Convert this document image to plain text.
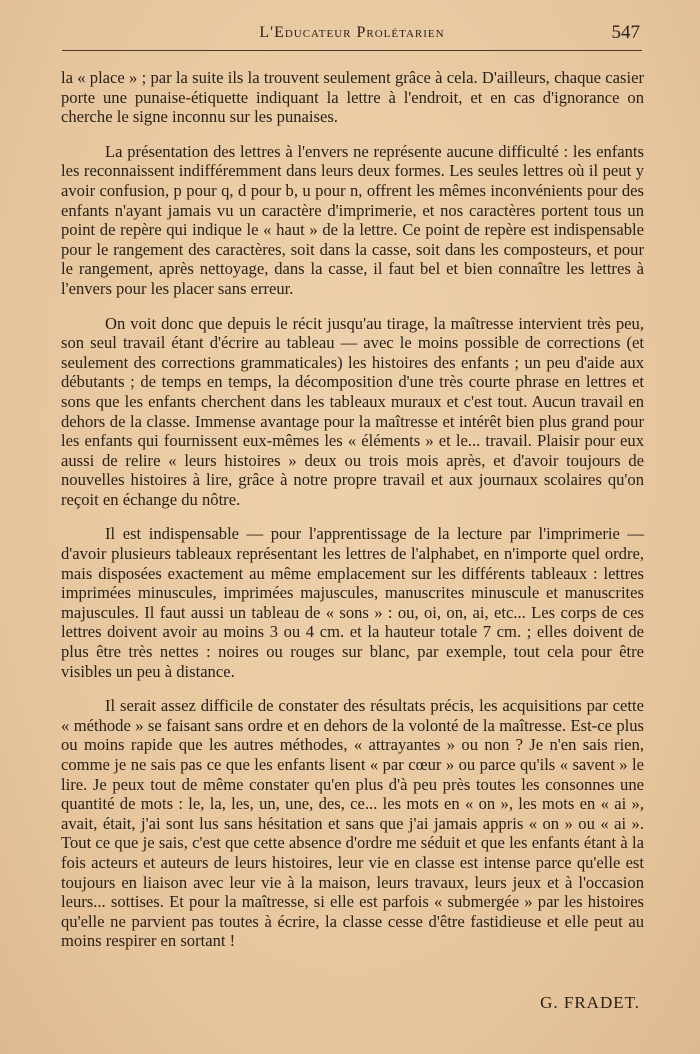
L'Educateur Prolétarien	547

la « place » ; par la suite ils la trouvent seulement grâce à cela. D'ailleurs, chaque casier porte une punaise-étiquette indiquant la lettre à l'endroit, et en cas d'ignorance on cherche le signe inconnu sur les punaises.

La présentation des lettres à l'envers ne représente aucune difficulté : les enfants les reconnaissent indifféremment dans leurs deux formes. Les seules lettres où il peut y avoir confusion, p pour q, d pour b, u pour n, offrent les mêmes inconvénients pour des enfants n'ayant jamais vu un caractère d'imprimerie, et nos caractères portent tous un point de repère qui indique le « haut » de la lettre. Ce point de repère est indispensable pour le rangement des caractères, soit dans la casse, soit dans les composteurs, et pour le rangement, après nettoyage, dans la casse, il faut bel et bien connaître les lettres à l'envers pour les placer sans erreur.

On voit donc que depuis le récit jusqu'au tirage, la maîtresse intervient très peu, son seul travail étant d'écrire au tableau — avec le moins possible de corrections (et seulement des corrections grammaticales) les histoires des enfants ; un peu d'aide aux débutants ; de temps en temps, la décomposition d'une très courte phrase en lettres et sons que les enfants cherchent dans les tableaux muraux et c'est tout. Aucun travail en dehors de la classe. Immense avantage pour la maîtresse et intérêt bien plus grand pour les enfants qui fournissent eux-mêmes les « éléments » et le... travail. Plaisir pour eux aussi de relire « leurs histoires » deux ou trois mois après, et d'avoir toujours de nouvelles histoires à lire, grâce à notre propre travail et aux journaux scolaires qu'on reçoit en échange du nôtre.

Il est indispensable — pour l'apprentissage de la lecture par l'imprimerie — d'avoir plusieurs tableaux représentant les lettres de l'alphabet, en n'importe quel ordre, mais disposées exactement au même emplacement sur les différents tableaux : lettres imprimées minuscules, imprimées majuscules, manuscrites minuscule et manuscrites majuscules. Il faut aussi un tableau de « sons » : ou, oi, on, ai, etc... Les corps de ces lettres doivent avoir au moins 3 ou 4 cm. et la hauteur totale 7 cm. ; elles doivent de plus être très nettes : noires ou rouges sur blanc, par exemple, tout cela pour être visibles un peu à distance.

Il serait assez difficile de constater des résultats précis, les acquisitions par cette « méthode » se faisant sans ordre et en dehors de la volonté de la maîtresse. Est-ce plus ou moins rapide que les autres méthodes, « attrayantes » ou non ? Je n'en sais rien, comme je ne sais pas ce que les enfants lisent « par cœur » ou parce qu'ils « savent » le lire. Je peux tout de même constater qu'en plus d'à peu près toutes les consonnes une quantité de mots : le, la, les, un, une, des, ce... les mots en « on », les mots en « ai », avait, était, j'ai sont lus sans hésitation et sans que j'ai jamais appris « on » ou « ai ». Tout ce que je sais, c'est que cette absence d'ordre me séduit et que les enfants étant à la fois acteurs et auteurs de leurs histoires, leur vie en classe est intense parce qu'elle est toujours en liaison avec leur vie à la maison, leurs travaux, leurs jeux et à l'occasion leurs... sottises. Et pour la maîtresse, si elle est parfois « submergée » par les histoires qu'elle ne parvient pas toutes à écrire, la classe cesse d'être fastidieuse et elle peut au moins respirer en sortant !

G. FRADET.
